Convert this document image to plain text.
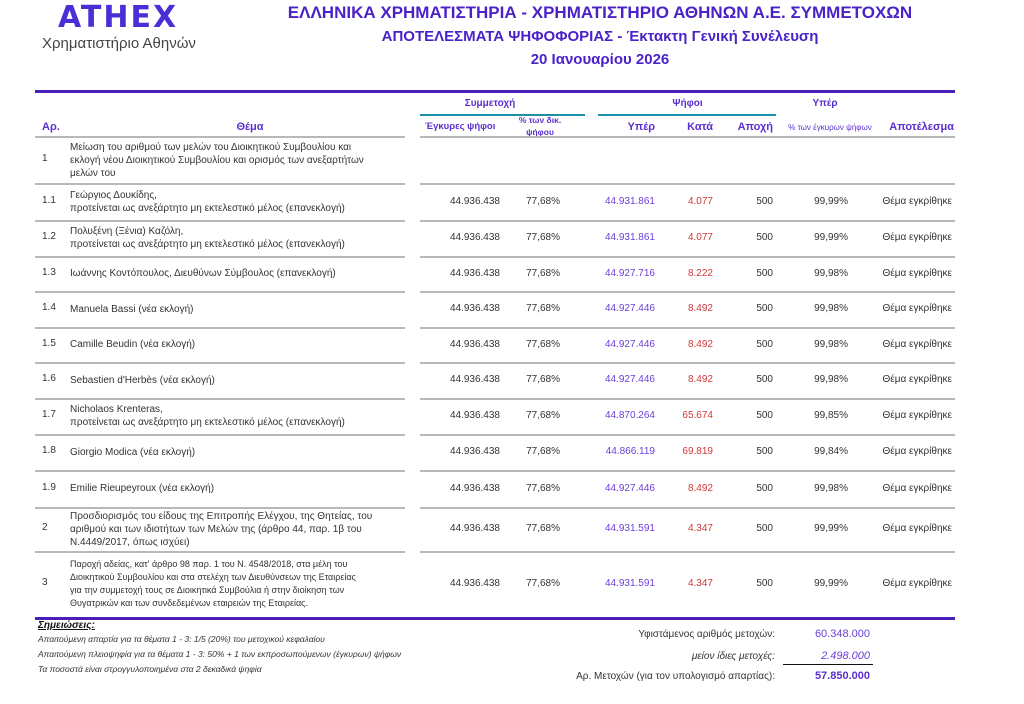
ATHEX
Χρηματιστήριο Αθηνών
ΕΛΛΗΝΙΚΑ ΧΡΗΜΑΤΙΣΤΗΡΙΑ - ΧΡΗΜΑΤΙΣΤΗΡΙΟ ΑΘΗΝΩΝ Α.Ε. ΣΥΜΜΕΤΟΧΩΝ
ΑΠΟΤΕΛΕΣΜΑΤΑ ΨΗΦΟΦΟΡΙΑΣ - Έκτακτη Γενική Συνέλευση
20 Ιανουαρίου 2026
Συμμετοχή	Ψήφοι	Υπέρ
Αρ.	Θέμα	Έγκυρες ψήφοι
% των δικ.
ψήφου	Υπέρ	Κατά	Αποχή	% των έγκυρων ψήφων	Αποτέλεσμα
1
Μείωση του αριθμού των μελών του Διοικητικού Συμβουλίου και
εκλογή νέου Διοικητικού Συμβουλίου και ορισμός των ανεξαρτήτων
μελών του
1.1 Γεώργιος Δουκίδης,
προτείνεται ως ανεξάρτητο μη εκτελεστικό μέλος (επανεκλογή)
44.936.438	77,68%	44.931.861	4.077	500	99,99%	Θέμα εγκρίθηκε
1.2 Πολυξένη (Ξένια) Καζόλη,
προτείνεται ως ανεξάρτητο μη εκτελεστικό μέλος (επανεκλογή)
44.936.438	77,68%	44.931.861	4.077	500	99,99%	Θέμα εγκρίθηκε
1.3 Ιωάννης Κοντόπουλος, Διευθύνων Σύμβουλος (επανεκλογή)	44.936.438	77,68%	44.927.716	8.222	500	99,98%	Θέμα εγκρίθηκε
1.4 Manuela Bassi (νέα εκλογή)	44.936.438	77,68%	44.927.446	8.492	500	99,98%	Θέμα εγκρίθηκε
1.5 Camille Beudin (νέα εκλογή)	44.936.438	77,68%	44.927.446	8.492	500	99,98%	Θέμα εγκρίθηκε
1.6 Sebastien d'Herbès (νέα εκλογή)	44.936.438	77,68%	44.927.446	8.492	500	99,98%	Θέμα εγκρίθηκε
1.7 Nicholaos Krenteras,
προτείνεται ως ανεξάρτητο μη εκτελεστικό μέλος (επανεκλογή)
44.936.438	77,68%	44.870.264	65.674	500	99,85%	Θέμα εγκρίθηκε
1.8 Giorgio Modica (νέα εκλογή)	44.936.438	77,68%	44.866.119	69.819	500	99,84%	Θέμα εγκρίθηκε
1.9 Emilie Rieupeyroux (νέα εκλογή)	44.936.438	77,68%	44.927.446	8.492	500	99,98%	Θέμα εγκρίθηκε
2
Προσδιορισμός του είδους της Επιτροπής Ελέγχου, της Θητείας, του
αριθμού και των ιδιοτήτων των Μελών της (άρθρο 44, παρ. 1β του
Ν.4449/2017, όπως ισχύει)
44.936.438	77,68%	44.931.591	4.347	500	99,99%	Θέμα εγκρίθηκε
3
Παροχή αδείας, κατ' άρθρο 98 παρ. 1 του Ν. 4548/2018, στα μέλη του
Διοικητικού Συμβουλίου και στα στελέχη των Διευθύνσεων της Εταιρείας
για την συμμετοχή τους σε Διοικητικά Συμβούλια ή στην διοίκηση των
Θυγατρικών και των συνδεδεμένων εταιρειών της Εταιρείας.
44.936.438	77,68%	44.931.591	4.347	500	99,99%	Θέμα εγκρίθηκε
Σημειώσεις:
Απαιτούμενη απαρτία για τα θέματα 1 - 3: 1/5 (20%) του μετοχικού κεφαλαίου
Απαιτούμενη πλειοψηφία για τα θέματα 1 - 3: 50% + 1 των εκπροσωπούμενων (έγκυρων) ψήφων
Τα ποσοστά είναι στρογγυλοποιημένα στα 2 δεκαδικά ψηφία
Υφιστάμενος αριθμός μετοχών:	60.348.000
μείον ίδιες μετοχές:	2.498.000
Αρ. Μετοχών (για τον υπολογισμό απαρτίας):	57.850.000
